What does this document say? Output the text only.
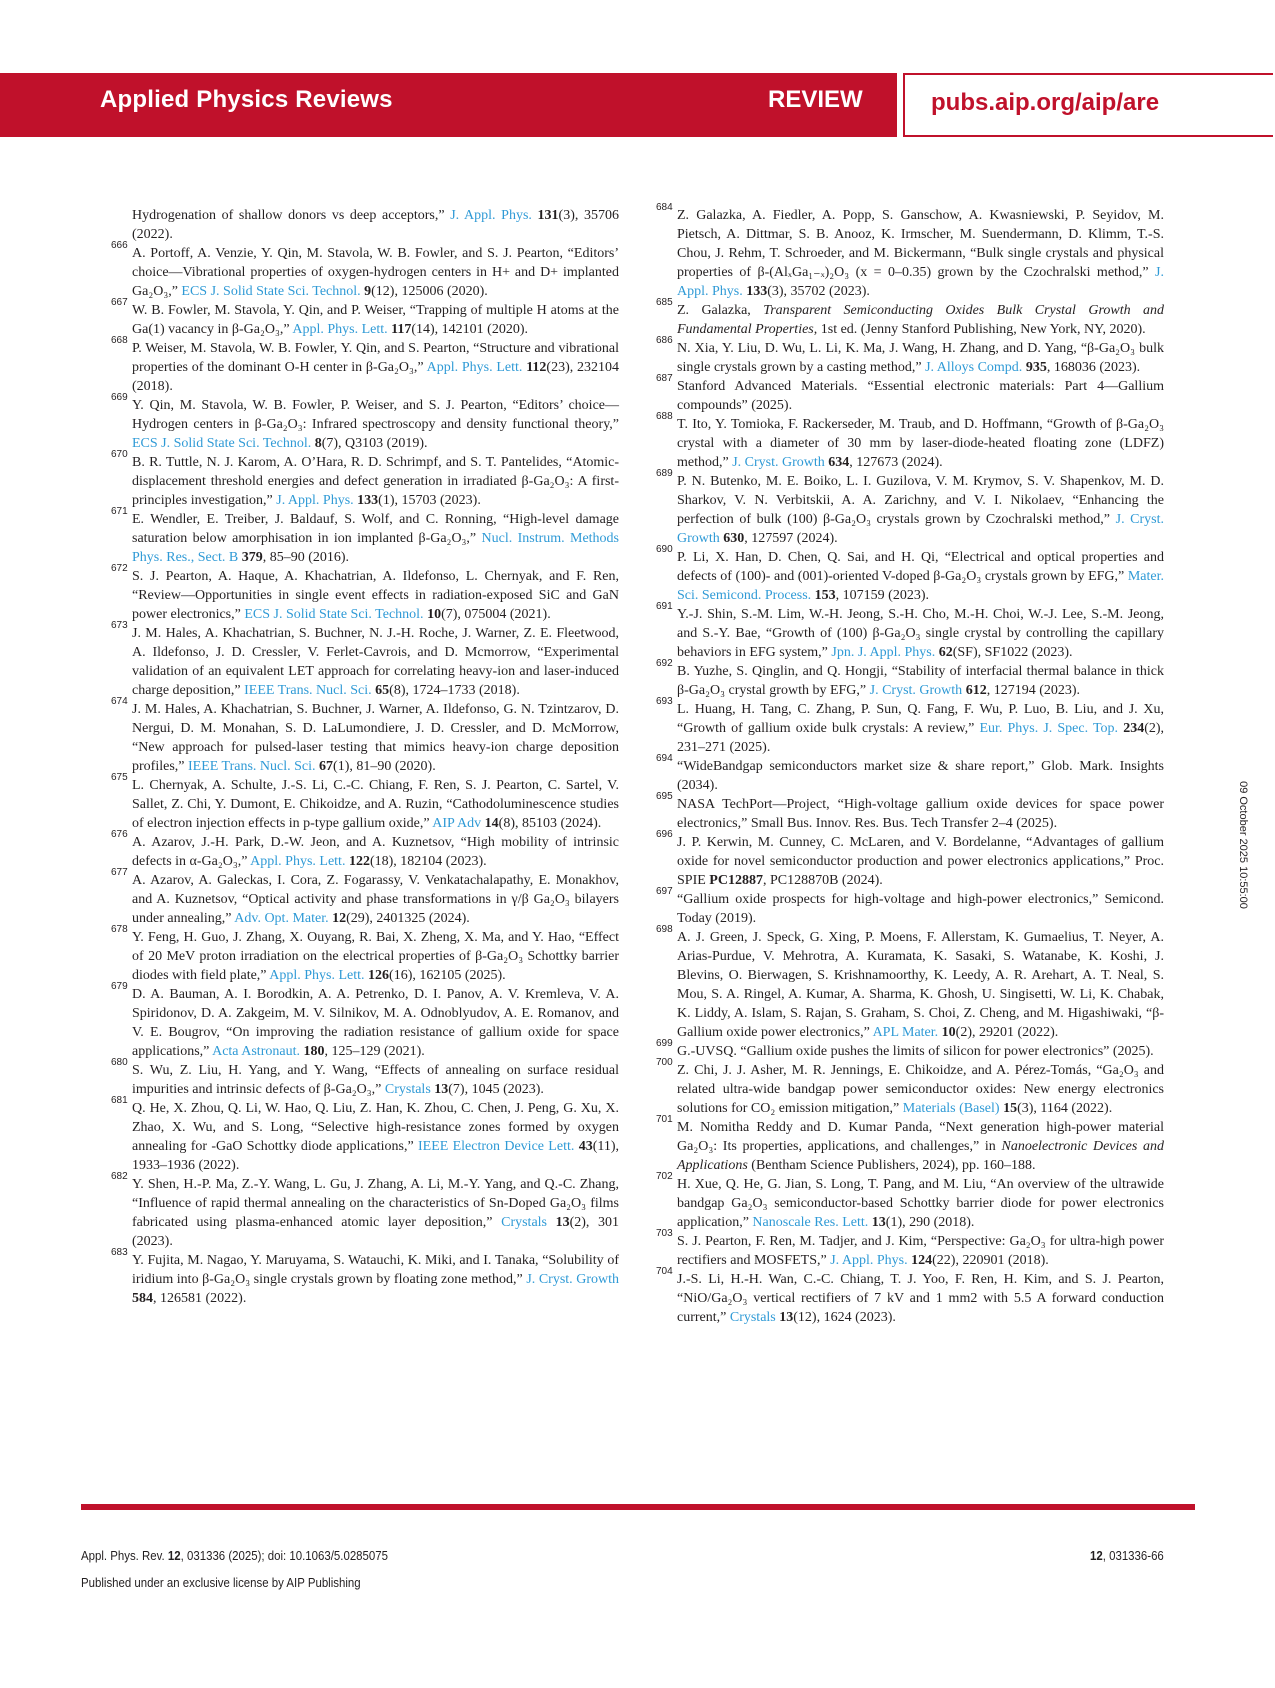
Applied Physics Reviews	REVIEW	pubs.aip.org/aip/are

Hydrogenation of shallow donors vs deep acceptors,” J. Appl. Phys. 131(3), 35706 (2022).

666
A. Portoff, A. Venzie, Y. Qin, M. Stavola, W. B. Fowler, and S. J. Pearton, “Editors’ choice—Vibrational properties of oxygen-hydrogen centers in H+ and D+ implanted Ga₂O₃,” ECS J. Solid State Sci. Technol. 9(12), 125006 (2020).

667
W. B. Fowler, M. Stavola, Y. Qin, and P. Weiser, “Trapping of multiple H atoms at the Ga(1) vacancy in β-Ga₂O₃,” Appl. Phys. Lett. 117(14), 142101 (2020).

668
P. Weiser, M. Stavola, W. B. Fowler, Y. Qin, and S. Pearton, “Structure and vibrational properties of the dominant O-H center in β-Ga₂O₃,” Appl. Phys. Lett. 112(23), 232104 (2018).

669
Y. Qin, M. Stavola, W. B. Fowler, P. Weiser, and S. J. Pearton, “Editors’ choice—Hydrogen centers in β-Ga₂O₃: Infrared spectroscopy and density functional theory,” ECS J. Solid State Sci. Technol. 8(7), Q3103 (2019).

670
B. R. Tuttle, N. J. Karom, A. O’Hara, R. D. Schrimpf, and S. T. Pantelides, “Atomic-displacement threshold energies and defect generation in irradiated β-Ga₂O₃: A first-principles investigation,” J. Appl. Phys. 133(1), 15703 (2023).

671
E. Wendler, E. Treiber, J. Baldauf, S. Wolf, and C. Ronning, “High-level damage saturation below amorphisation in ion implanted β-Ga₂O₃,” Nucl. Instrum. Methods Phys. Res., Sect. B 379, 85–90 (2016).

672
S. J. Pearton, A. Haque, A. Khachatrian, A. Ildefonso, L. Chernyak, and F. Ren, “Review—Opportunities in single event effects in radiation-exposed SiC and GaN power electronics,” ECS J. Solid State Sci. Technol. 10(7), 075004 (2021).

673
J. M. Hales, A. Khachatrian, S. Buchner, N. J.-H. Roche, J. Warner, Z. E. Fleetwood, A. Ildefonso, J. D. Cressler, V. Ferlet-Cavrois, and D. Mcmorrow, “Experimental validation of an equivalent LET approach for correlating heavy-ion and laser-induced charge deposition,” IEEE Trans. Nucl. Sci. 65(8), 1724–1733 (2018).

674
J. M. Hales, A. Khachatrian, S. Buchner, J. Warner, A. Ildefonso, G. N. Tzintzarov, D. Nergui, D. M. Monahan, S. D. LaLumondiere, J. D. Cressler, and D. McMorrow, “New approach for pulsed-laser testing that mimics heavy-ion charge deposition profiles,” IEEE Trans. Nucl. Sci. 67(1), 81–90 (2020).

675
L. Chernyak, A. Schulte, J.-S. Li, C.-C. Chiang, F. Ren, S. J. Pearton, C. Sartel, V. Sallet, Z. Chi, Y. Dumont, E. Chikoidze, and A. Ruzin, “Cathodoluminescence studies of electron injection effects in p-type gallium oxide,” AIP Adv 14(8), 85103 (2024).

676
A. Azarov, J.-H. Park, D.-W. Jeon, and A. Kuznetsov, “High mobility of intrinsic defects in α-Ga₂O₃,” Appl. Phys. Lett. 122(18), 182104 (2023).

677
A. Azarov, A. Galeckas, I. Cora, Z. Fogarassy, V. Venkatachalapathy, E. Monakhov, and A. Kuznetsov, “Optical activity and phase transformations in γ/β Ga₂O₃ bilayers under annealing,” Adv. Opt. Mater. 12(29), 2401325 (2024).

678
Y. Feng, H. Guo, J. Zhang, X. Ouyang, R. Bai, X. Zheng, X. Ma, and Y. Hao, “Effect of 20 MeV proton irradiation on the electrical properties of β-Ga₂O₃ Schottky barrier diodes with field plate,” Appl. Phys. Lett. 126(16), 162105 (2025).

679
D. A. Bauman, A. I. Borodkin, A. A. Petrenko, D. I. Panov, A. V. Kremleva, V. A. Spiridonov, D. A. Zakgeim, M. V. Silnikov, M. A. Odnoblyudov, A. E. Romanov, and V. E. Bougrov, “On improving the radiation resistance of gallium oxide for space applications,” Acta Astronaut. 180, 125–129 (2021).

680
S. Wu, Z. Liu, H. Yang, and Y. Wang, “Effects of annealing on surface residual impurities and intrinsic defects of β-Ga₂O₃,” Crystals 13(7), 1045 (2023).

681
Q. He, X. Zhou, Q. Li, W. Hao, Q. Liu, Z. Han, K. Zhou, C. Chen, J. Peng, G. Xu, X. Zhao, X. Wu, and S. Long, “Selective high-resistance zones formed by oxygen annealing for -GaO Schottky diode applications,” IEEE Electron Device Lett. 43(11), 1933–1936 (2022).

682
Y. Shen, H.-P. Ma, Z.-Y. Wang, L. Gu, J. Zhang, A. Li, M.-Y. Yang, and Q.-C. Zhang, “Influence of rapid thermal annealing on the characteristics of Sn-Doped Ga₂O₃ films fabricated using plasma-enhanced atomic layer deposition,” Crystals 13(2), 301 (2023).

683
Y. Fujita, M. Nagao, Y. Maruyama, S. Watauchi, K. Miki, and I. Tanaka, “Solubility of iridium into β-Ga₂O₃ single crystals grown by floating zone method,” J. Cryst. Growth 584, 126581 (2022).

684
Z. Galazka, A. Fiedler, A. Popp, S. Ganschow, A. Kwasniewski, P. Seyidov, M. Pietsch, A. Dittmar, S. B. Anooz, K. Irmscher, M. Suendermann, D. Klimm, T.-S. Chou, J. Rehm, T. Schroeder, and M. Bickermann, “Bulk single crystals and physical properties of β-(AlₓGa₁₋ₓ)₂O₃ (x = 0–0.35) grown by the Czochralski method,” J. Appl. Phys. 133(3), 35702 (2023).

685
Z. Galazka, Transparent Semiconducting Oxides Bulk Crystal Growth and Fundamental Properties, 1st ed. (Jenny Stanford Publishing, New York, NY, 2020).

686
N. Xia, Y. Liu, D. Wu, L. Li, K. Ma, J. Wang, H. Zhang, and D. Yang, “β-Ga₂O₃ bulk single crystals grown by a casting method,” J. Alloys Compd. 935, 168036 (2023).

687
Stanford Advanced Materials. “Essential electronic materials: Part 4—Gallium compounds” (2025).

688
T. Ito, Y. Tomioka, F. Rackerseder, M. Traub, and D. Hoffmann, “Growth of β-Ga₂O₃ crystal with a diameter of 30 mm by laser-diode-heated floating zone (LDFZ) method,” J. Cryst. Growth 634, 127673 (2024).

689
P. N. Butenko, M. E. Boiko, L. I. Guzilova, V. M. Krymov, S. V. Shapenkov, M. D. Sharkov, V. N. Verbitskii, A. A. Zarichny, and V. I. Nikolaev, “Enhancing the perfection of bulk (100) β-Ga₂O₃ crystals grown by Czochralski method,” J. Cryst. Growth 630, 127597 (2024).

690
P. Li, X. Han, D. Chen, Q. Sai, and H. Qi, “Electrical and optical properties and defects of (100)- and (001)-oriented V-doped β-Ga₂O₃ crystals grown by EFG,” Mater. Sci. Semicond. Process. 153, 107159 (2023).

691
Y.-J. Shin, S.-M. Lim, W.-H. Jeong, S.-H. Cho, M.-H. Choi, W.-J. Lee, S.-M. Jeong, and S.-Y. Bae, “Growth of (100) β-Ga₂O₃ single crystal by controlling the capillary behaviors in EFG system,” Jpn. J. Appl. Phys. 62(SF), SF1022 (2023).

692
B. Yuzhe, S. Qinglin, and Q. Hongji, “Stability of interfacial thermal balance in thick β-Ga₂O₃ crystal growth by EFG,” J. Cryst. Growth 612, 127194 (2023).

693
L. Huang, H. Tang, C. Zhang, P. Sun, Q. Fang, F. Wu, P. Luo, B. Liu, and J. Xu, “Growth of gallium oxide bulk crystals: A review,” Eur. Phys. J. Spec. Top. 234(2), 231–271 (2025).

694
“WideBandgap semiconductors market size & share report,” Glob. Mark. Insights (2034).

695
NASA TechPort—Project, “High-voltage gallium oxide devices for space power electronics,” Small Bus. Innov. Res. Bus. Tech Transfer 2–4 (2025).

696
J. P. Kerwin, M. Cunney, C. McLaren, and V. Bordelanne, “Advantages of gallium oxide for novel semiconductor production and power electronics applications,” Proc. SPIE PC12887, PC128870B (2024).

697
“Gallium oxide prospects for high-voltage and high-power electronics,” Semicond. Today (2019).

698
A. J. Green, J. Speck, G. Xing, P. Moens, F. Allerstam, K. Gumaelius, T. Neyer, A. Arias-Purdue, V. Mehrotra, A. Kuramata, K. Sasaki, S. Watanabe, K. Koshi, J. Blevins, O. Bierwagen, S. Krishnamoorthy, K. Leedy, A. R. Arehart, A. T. Neal, S. Mou, S. A. Ringel, A. Kumar, A. Sharma, K. Ghosh, U. Singisetti, W. Li, K. Chabak, K. Liddy, A. Islam, S. Rajan, S. Graham, S. Choi, Z. Cheng, and M. Higashiwaki, “β-Gallium oxide power electronics,” APL Mater. 10(2), 29201 (2022).

699
G.-UVSQ. “Gallium oxide pushes the limits of silicon for power electronics” (2025).

700
Z. Chi, J. J. Asher, M. R. Jennings, E. Chikoidze, and A. Pérez-Tomás, “Ga₂O₃ and related ultra-wide bandgap power semiconductor oxides: New energy electronics solutions for CO₂ emission mitigation,” Materials (Basel) 15(3), 1164 (2022).

701
M. Nomitha Reddy and D. Kumar Panda, “Next generation high-power material Ga₂O₃: Its properties, applications, and challenges,” in Nanoelectronic Devices and Applications (Bentham Science Publishers, 2024), pp. 160–188.

702
H. Xue, Q. He, G. Jian, S. Long, T. Pang, and M. Liu, “An overview of the ultrawide bandgap Ga₂O₃ semiconductor-based Schottky barrier diode for power electronics application,” Nanoscale Res. Lett. 13(1), 290 (2018).

703
S. J. Pearton, F. Ren, M. Tadjer, and J. Kim, “Perspective: Ga₂O₃ for ultra-high power rectifiers and MOSFETS,” J. Appl. Phys. 124(22), 220901 (2018).

704
J.-S. Li, H.-H. Wan, C.-C. Chiang, T. J. Yoo, F. Ren, H. Kim, and S. J. Pearton, “NiO/Ga₂O₃ vertical rectifiers of 7 kV and 1 mm2 with 5.5 A forward conduction current,” Crystals 13(12), 1624 (2023).

09 October 2025 10:55:00
Appl. Phys. Rev. 12, 031336 (2025); doi: 10.1063/5.0285075
Published under an exclusive license by AIP Publishing
12, 031336-66
